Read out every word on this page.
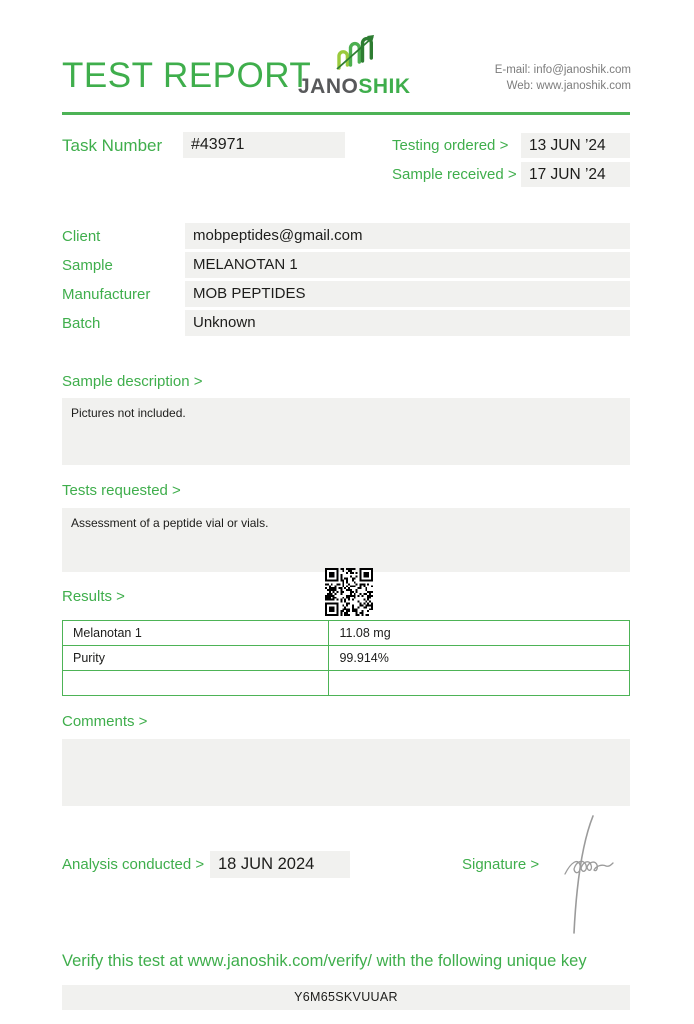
TEST REPORT
JANOSHIK
E-mail: info@janoshik.com
Web: www.janoshik.com
Task Number	#43971	Testing ordered >	13 JUN ’24
Sample received > 17 JUN ’24
Client	mobpeptides@gmail.com
Sample	MELANOTAN 1
Manufacturer	MOB PEPTIDES
Batch	Unknown
Sample description >
Pictures not included.
Tests requested >
Assessment of a peptide vial or vials.
Results >
Melanotan 1	11.08 mg
Purity	99.914%

Comments >
Analysis conducted > 18 JUN 2024	Signature >
Verify this test at www.janoshik.com/verify/ with the following unique key
Y6M65SKVUUAR
